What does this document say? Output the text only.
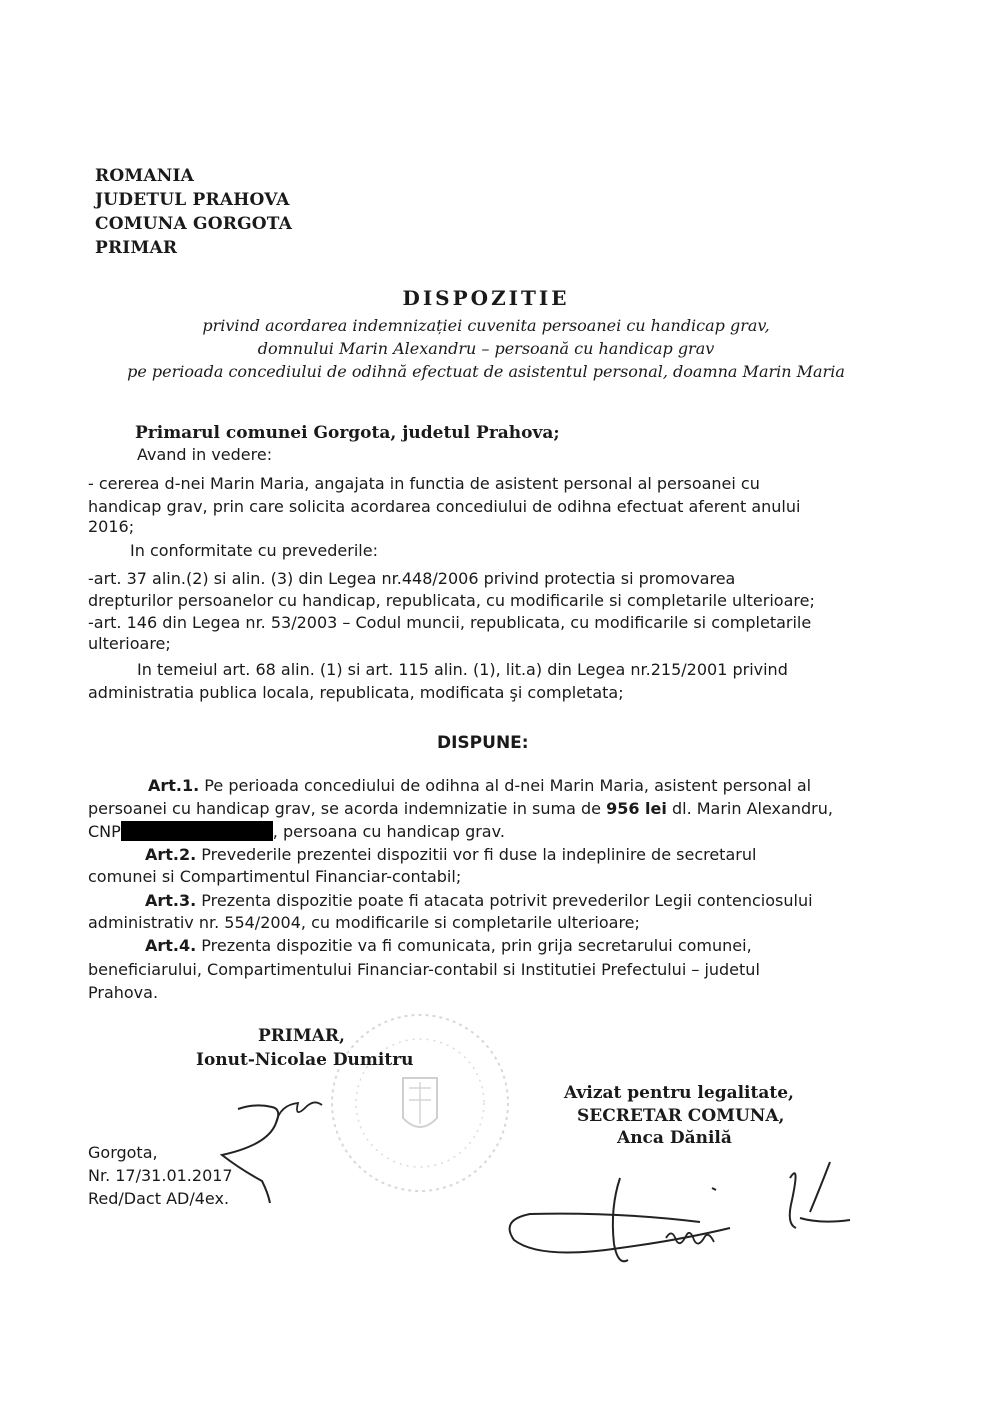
ROMANIA
JUDETUL PRAHOVA
COMUNA GORGOTA
PRIMAR
DISPOZITIE
privind acordarea indemnizației cuvenita persoanei cu handicap grav,
domnului Marin Alexandru – persoană cu handicap grav
pe perioada concediului de odihnă efectuat de asistentul personal, doamna Marin Maria
Primarul comunei Gorgota, judetul Prahova;
Avand in vedere:
- cererea d-nei Marin Maria, angajata in functia de asistent personal al persoanei cu
handicap grav, prin care solicita acordarea concediului de odihna efectuat aferent anului
2016;
In conformitate cu prevederile:
-art. 37 alin.(2) si alin. (3) din Legea nr.448/2006 privind protectia si promovarea
drepturilor persoanelor cu handicap, republicata, cu modificarile si completarile ulterioare;
-art. 146 din Legea nr. 53/2003 – Codul muncii, republicata, cu modificarile si completarile
ulterioare;
In temeiul art. 68 alin. (1) si art. 115 alin. (1), lit.a) din Legea nr.215/2001 privind
administratia publica locala, republicata, modificata şi completata;
DISPUNE:
Art.1. Pe perioada concediului de odihna al d-nei Marin Maria, asistent personal al
persoanei cu handicap grav, se acorda indemnizatie in suma de 956 lei dl. Marin Alexandru,
CNP	, persoana cu handicap grav.
Art.2. Prevederile prezentei dispozitii vor fi duse la indeplinire de secretarul
comunei si Compartimentul Financiar-contabil;
Art.3. Prezenta dispozitie poate fi atacata potrivit prevederilor Legii contenciosului
administrativ nr. 554/2004, cu modificarile si completarile ulterioare;
Art.4. Prezenta dispozitie va fi comunicata, prin grija secretarului comunei,
beneficiarului, Compartimentului Financiar-contabil si Institutiei Prefectului – judetul
Prahova.
PRIMAR,
Ionut-Nicolae Dumitru
Gorgota,
Nr. 17/31.01.2017
Red/Dact AD/4ex.
Avizat pentru legalitate,
SECRETAR COMUNA,
Anca Dănilă
